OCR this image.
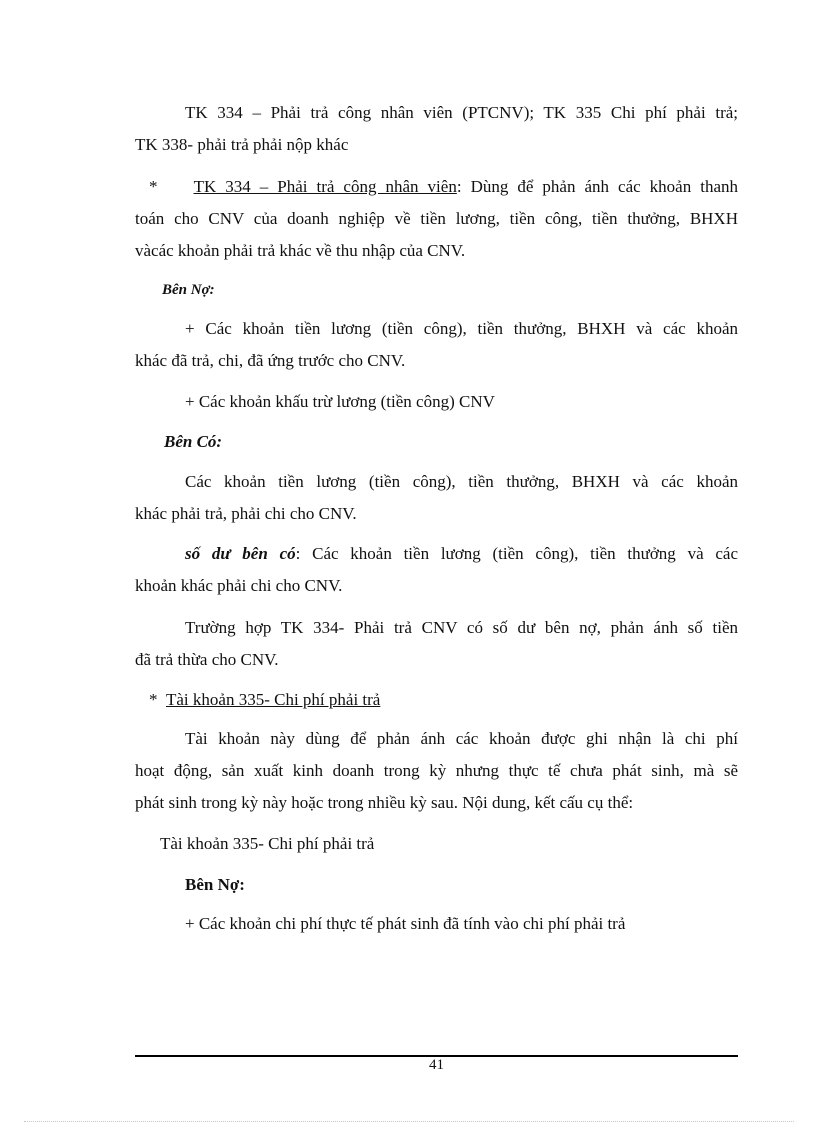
TK 334 – Phải trả công nhân viên (PTCNV); TK 335 Chi phí phải trả;
TK 338- phải trả phải nộp khác

* TK 334 – Phải trả công nhân viên: Dùng để phản ánh các khoản thanh
toán cho CNV của doanh nghiệp về tiền lương, tiền công, tiền thưởng, BHXH
vàcác khoản phải trả khác về thu nhập của CNV.

Bên Nợ:

+ Các khoản tiền lương (tiền công), tiền thưởng, BHXH và các khoản
khác đã trả, chi, đã ứng trước cho CNV.

+ Các khoản khấu trừ lương (tiền công) CNV

Bên Có:

Các khoản tiền lương (tiền công), tiền thưởng, BHXH và các khoản
khác phải trả, phải chi cho CNV.

số dư bên có: Các khoản tiền lương (tiền công), tiền thưởng và các
khoản khác phải chi cho CNV.

Trường hợp TK 334- Phải trả CNV có số dư bên nợ, phản ánh số tiền
đã trả thừa cho CNV.

* Tài khoản 335- Chi phí phải trả

Tài khoản này dùng để phản ánh các khoản được ghi nhận là chi phí
hoạt động, sản xuất kinh doanh trong kỳ nhưng thực tế chưa phát sinh, mà sẽ
phát sinh trong kỳ này hoặc trong nhiều kỳ sau. Nội dung, kết cấu cụ thể:

Tài khoản 335- Chi phí phải trả

Bên Nợ:

+ Các khoản chi phí thực tế phát sinh đã tính vào chi phí phải trả

41
